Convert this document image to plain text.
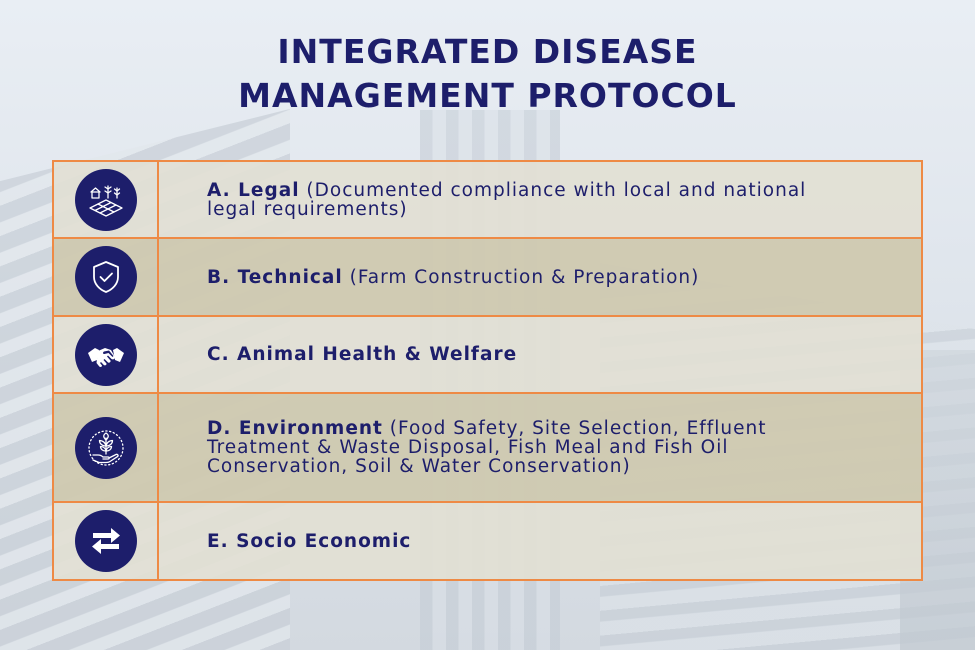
INTEGRATED DISEASE
MANAGEMENT PROTOCOL
A. Legal (Documented compliance with local and national legal requirements)
B. Technical (Farm Construction & Preparation)
C. Animal Health & Welfare
D. Environment (Food Safety, Site Selection, Effluent Treatment & Waste Disposal, Fish Meal and Fish Oil Conservation, Soil & Water Conservation)
E. Socio Economic
